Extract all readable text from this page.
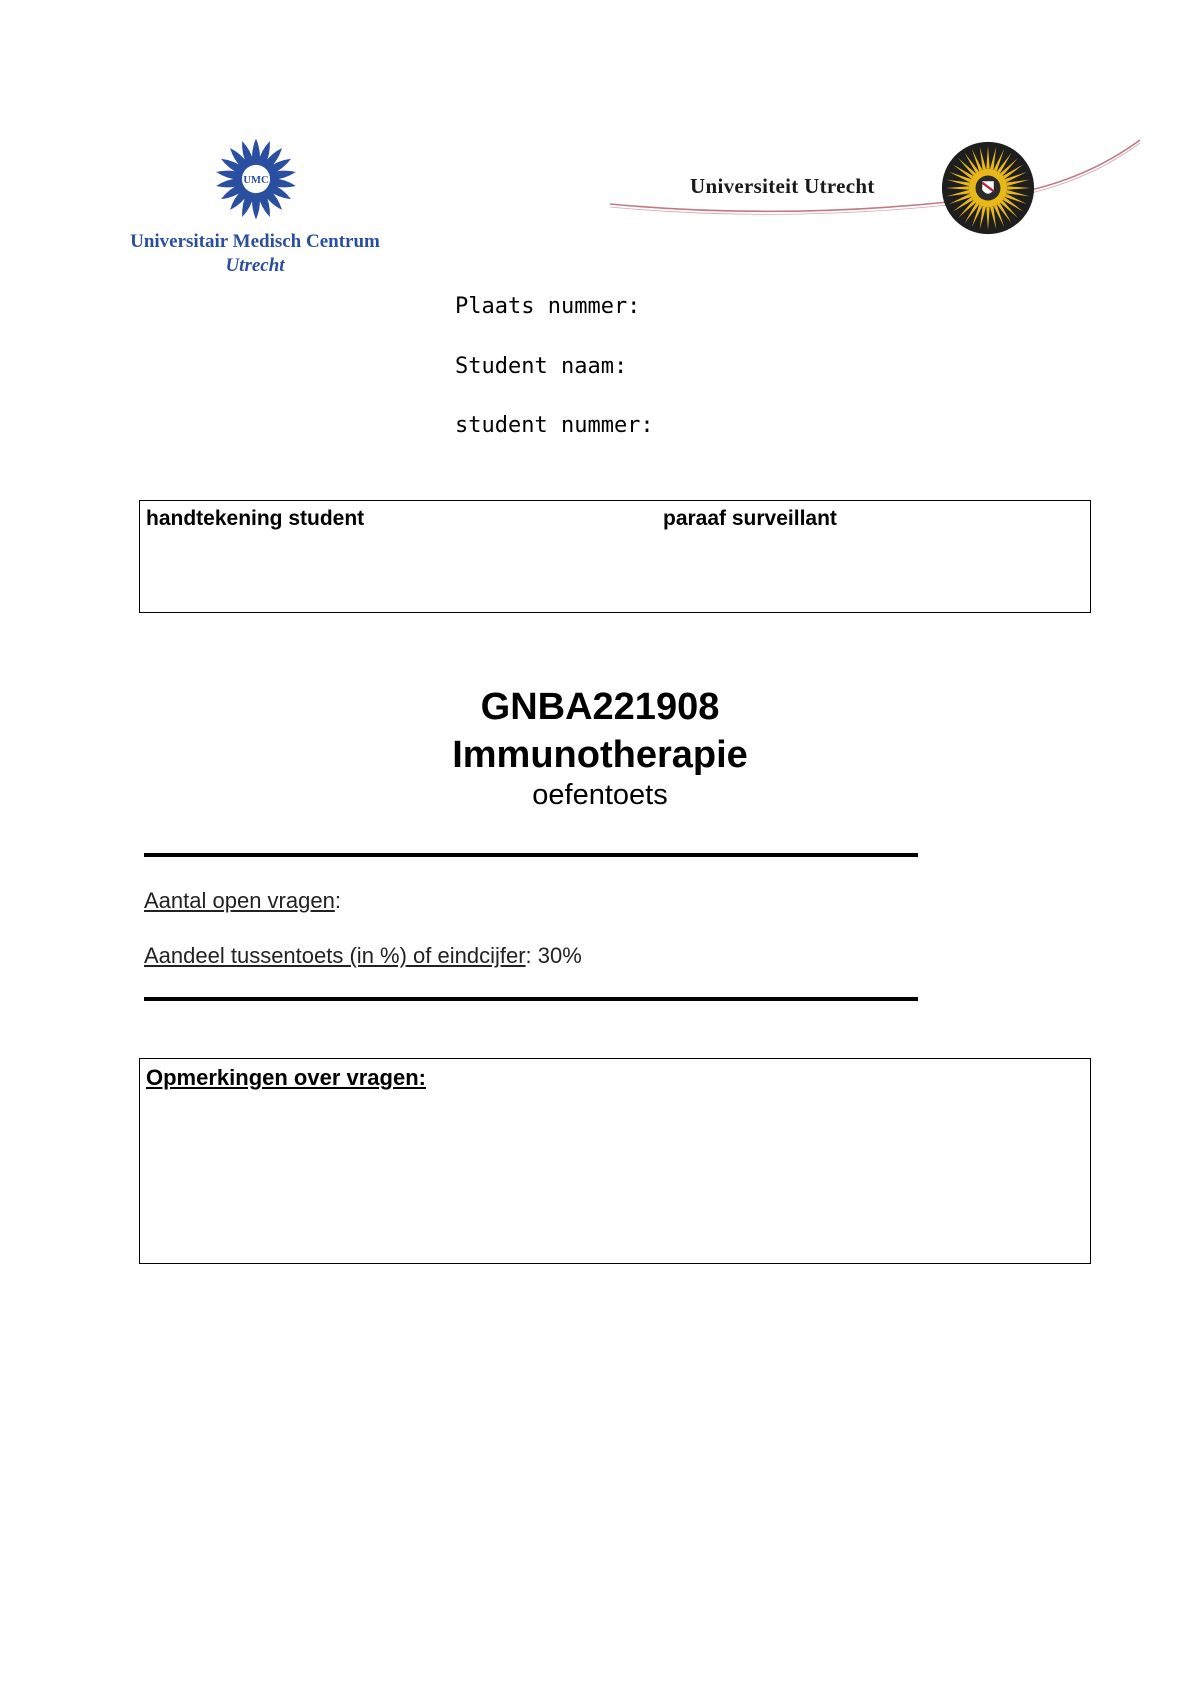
UMC
Universitair Medisch Centrum
Utrecht
Universiteit Utrecht
Plaats nummer:
Student naam:
student nummer:
handtekening student	paraaf surveillant
GNBA221908
Immunotherapie
oefentoets
Aantal open vragen:
Aandeel tussentoets (in %) of eindcijfer: 30%
Opmerkingen over vragen:
